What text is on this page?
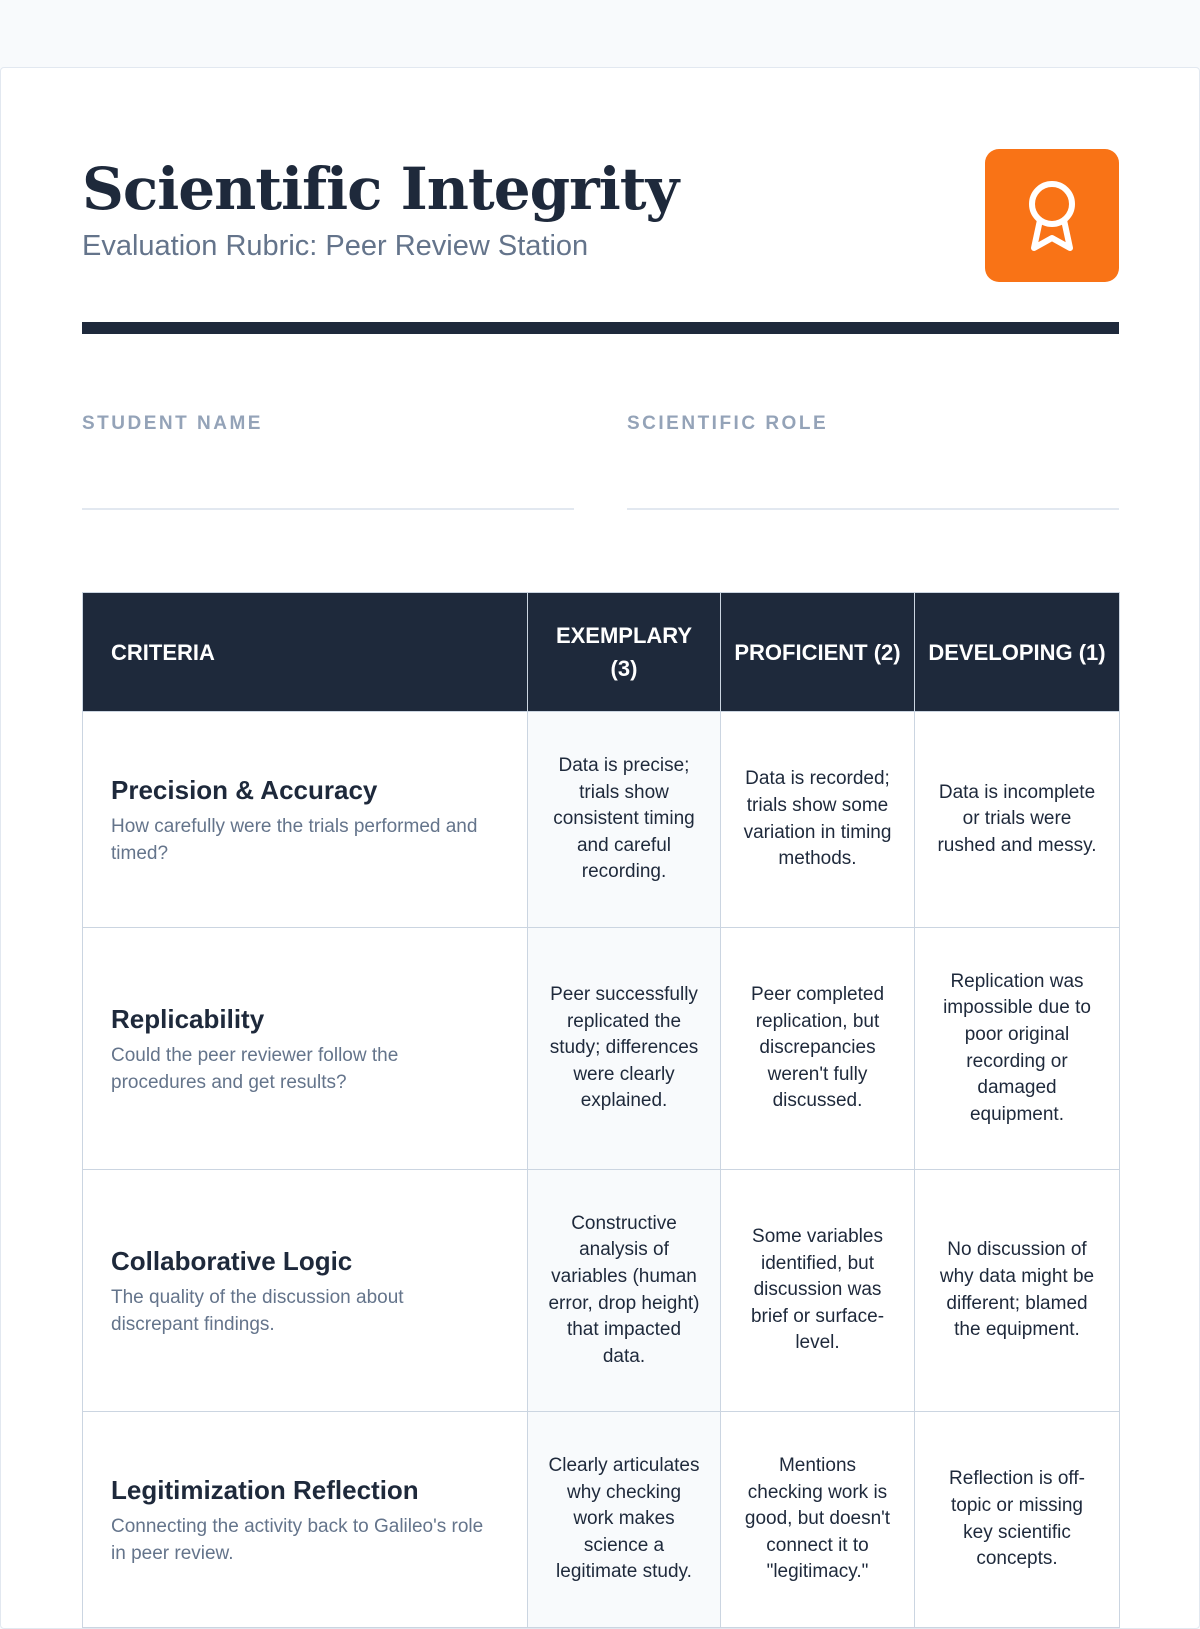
Scientific Integrity
Evaluation Rubric: Peer Review Station
STUDENT NAME	SCIENTIFIC ROLE
CRITERIA	EXEMPLARY (3)	PROFICIENT (2)	DEVELOPING (1)

Precision & Accuracy
How carefully were the trials performed and timed?	Data is precise; trials show consistent timing and careful recording.	Data is recorded; trials show some variation in timing methods.	Data is incomplete or trials were rushed and messy.

Replicability
Could the peer reviewer follow the procedures and get results?	Peer successfully replicated the study; differences were clearly explained.	Peer completed replication, but discrepancies weren't fully discussed.	Replication was impossible due to poor original recording or damaged equipment.

Collaborative Logic
The quality of the discussion about discrepant findings.	Constructive analysis of variables (human error, drop height) that impacted data.	Some variables identified, but discussion was brief or surface-level.	No discussion of why data might be different; blamed the equipment.

Legitimization Reflection
Connecting the activity back to Galileo's role in peer review.	Clearly articulates why checking work makes science a legitimate study.	Mentions checking work is good, but doesn't connect it to "legitimacy."	Reflection is off-topic or missing key scientific concepts.
